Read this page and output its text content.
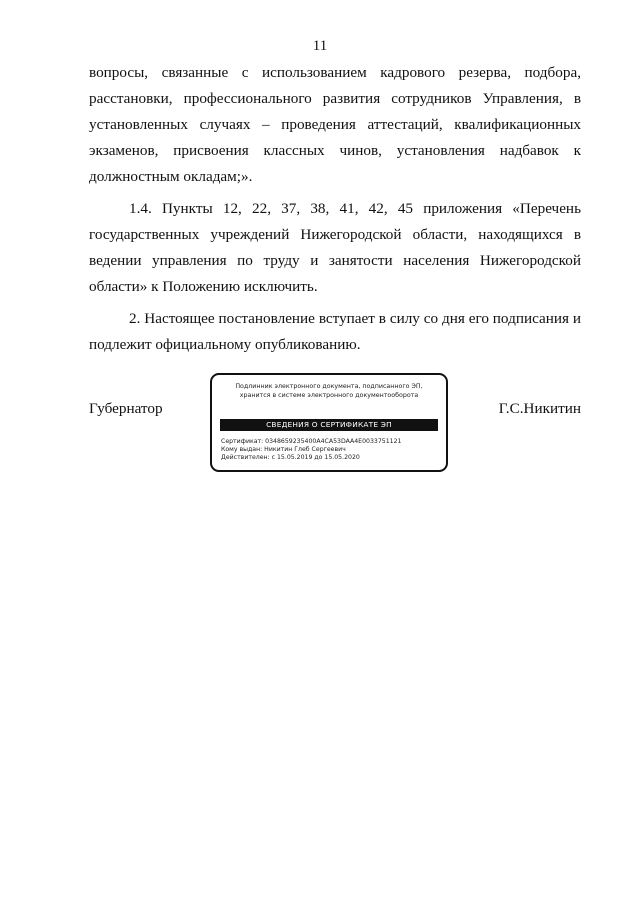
11

вопросы, связанные с использованием кадрового резерва, подбора, расстановки, профессионального развития сотрудников Управления, в установленных случаях – проведения аттестаций, квалификационных экзаменов, присвоения классных чинов, установления надбавок к должностным окладам;».

1.4. Пункты 12, 22, 37, 38, 41, 42, 45 приложения «Перечень государственных учреждений Нижегородской области, находящихся в ведении управления по труду и занятости населения Нижегородской области» к Положению исключить.

2. Настоящее постановление вступает в силу со дня его подписания и подлежит официальному опубликованию.

Губернатор
Подлинник электронного документа, подписанного ЭП,
хранится в системе электронного документооборота
СВЕДЕНИЯ О СЕРТИФИКАТЕ ЭП
Сертификат: 0348659235400А4СА53DAA4E0033751121
Кому выдан: Никитин Глеб Сергеевич
Действителен: с 15.05.2019 до 15.05.2020
Г.С.Никитин
